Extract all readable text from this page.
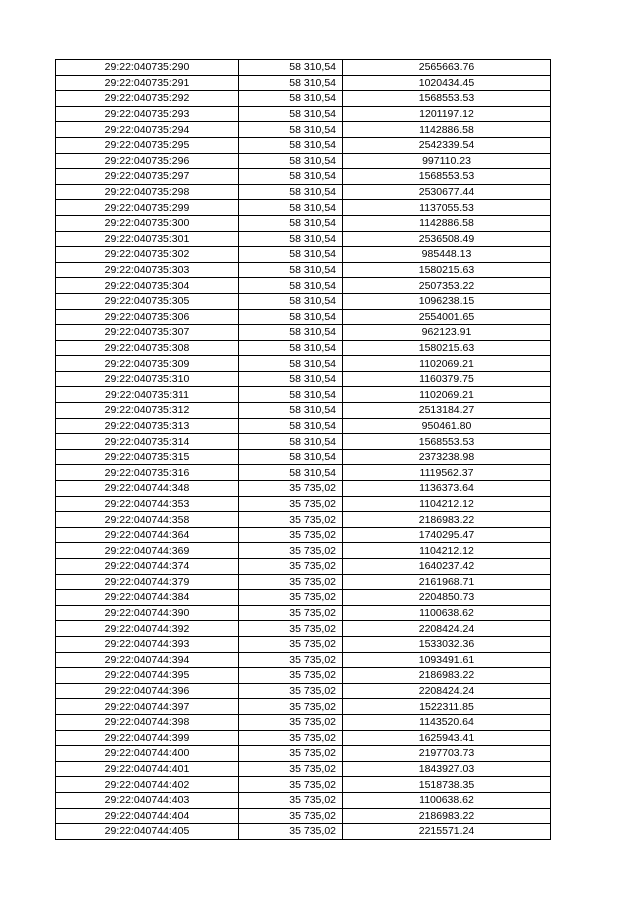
29:22:040735:290	58 310,54	2565663.76
29:22:040735:291	58 310,54	1020434.45
29:22:040735:292	58 310,54	1568553.53
29:22:040735:293	58 310,54	1201197.12
29:22:040735:294	58 310,54	1142886.58
29:22:040735:295	58 310,54	2542339.54
29:22:040735:296	58 310,54	997110.23
29:22:040735:297	58 310,54	1568553.53
29:22:040735:298	58 310,54	2530677.44
29:22:040735:299	58 310,54	1137055.53
29:22:040735:300	58 310,54	1142886.58
29:22:040735:301	58 310,54	2536508.49
29:22:040735:302	58 310,54	985448.13
29:22:040735:303	58 310,54	1580215.63
29:22:040735:304	58 310,54	2507353.22
29:22:040735:305	58 310,54	1096238.15
29:22:040735:306	58 310,54	2554001.65
29:22:040735:307	58 310,54	962123.91
29:22:040735:308	58 310,54	1580215.63
29:22:040735:309	58 310,54	1102069.21
29:22:040735:310	58 310,54	1160379.75
29:22:040735:311	58 310,54	1102069.21
29:22:040735:312	58 310,54	2513184.27
29:22:040735:313	58 310,54	950461.80
29:22:040735:314	58 310,54	1568553.53
29:22:040735:315	58 310,54	2373238.98
29:22:040735:316	58 310,54	1119562.37
29:22:040744:348	35 735,02	1136373.64
29:22:040744:353	35 735,02	1104212.12
29:22:040744:358	35 735,02	2186983.22
29:22:040744:364	35 735,02	1740295.47
29:22:040744:369	35 735,02	1104212.12
29:22:040744:374	35 735,02	1640237.42
29:22:040744:379	35 735,02	2161968.71
29:22:040744:384	35 735,02	2204850.73
29:22:040744:390	35 735,02	1100638.62
29:22:040744:392	35 735,02	2208424.24
29:22:040744:393	35 735,02	1533032.36
29:22:040744:394	35 735,02	1093491.61
29:22:040744:395	35 735,02	2186983.22
29:22:040744:396	35 735,02	2208424.24
29:22:040744:397	35 735,02	1522311.85
29:22:040744:398	35 735,02	1143520.64
29:22:040744:399	35 735,02	1625943.41
29:22:040744:400	35 735,02	2197703.73
29:22:040744:401	35 735,02	1843927.03
29:22:040744:402	35 735,02	1518738.35
29:22:040744:403	35 735,02	1100638.62
29:22:040744:404	35 735,02	2186983.22
29:22:040744:405	35 735,02	2215571.24
